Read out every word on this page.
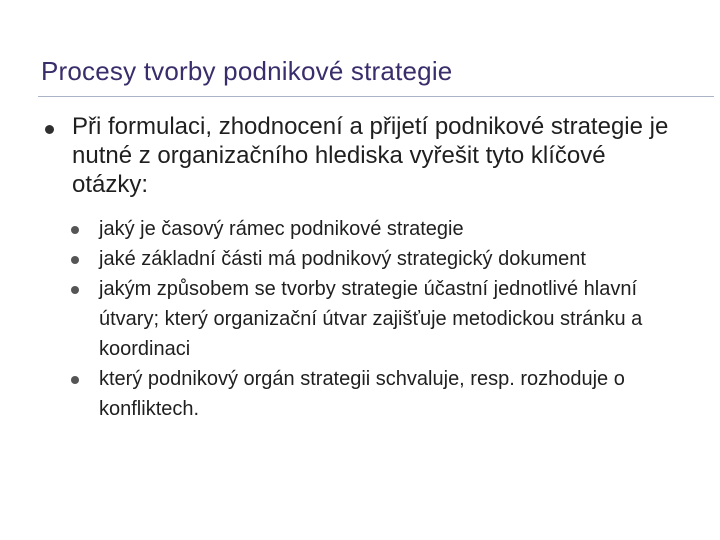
Procesy tvorby podnikové strategie

Při formulaci, zhodnocení a přijetí podnikové strategie je nutné z organizačního hlediska vyřešit tyto klíčové otázky:

jaký je časový rámec podnikové strategie
jaké základní části má podnikový strategický dokument
jakým způsobem se tvorby strategie účastní jednotlivé hlavní útvary; který organizační útvar zajišťuje metodickou stránku a koordinaci
který podnikový orgán strategii schvaluje, resp. rozhoduje o konfliktech.
